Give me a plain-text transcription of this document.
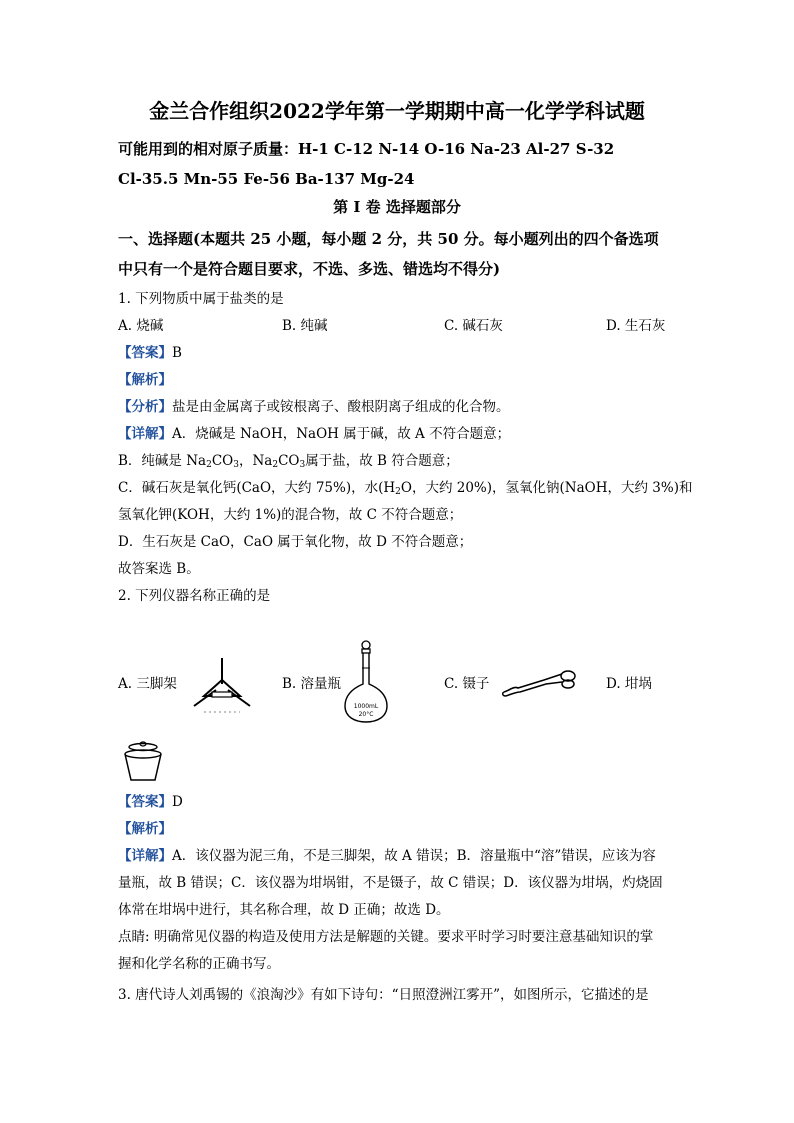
金兰合作组织2022学年第一学期期中高一化学学科试题
可能用到的相对原子质量：H-1 C-12 N-14 O-16 Na-23 Al-27 S-32
Cl-35.5 Mn-55 Fe-56 Ba-137 Mg-24
第 I 卷 选择题部分
一、选择题(本题共 25 小题，每小题 2 分，共 50 分。每小题列出的四个备选项
中只有一个是符合题目要求，不选、多选、错选均不得分)
1. 下列物质中属于盐类的是
A. 烧碱	B. 纯碱	C. 碱石灰	D. 生石灰
【答案】B
【解析】
【分析】盐是由金属离子或铵根离子、酸根阴离子组成的化合物。
【详解】A．烧碱是 NaOH，NaOH 属于碱，故 A 不符合题意；
B．纯碱是 $Na_2CO_3$，$Na_2CO_3$属于盐，故 B 符合题意；
C．碱石灰是氧化钙(CaO，大约 75%)，水($H_2O$，大约 20%)，氢氧化钠(NaOH，大约 3%)和
氢氧化钾(KOH，大约 1%)的混合物，故 C 不符合题意；
D．生石灰是 CaO，CaO 属于氧化物，故 D 不符合题意；
故答案选 B。
2. 下列仪器名称正确的是
A. 三脚架	B. 溶量瓶	C. 镊子	D. 坩埚
1000mL
20°C
【答案】D
【解析】
【详解】A．该仪器为泥三角，不是三脚架，故 A 错误；B．溶量瓶中“溶”错误，应该为容
量瓶，故 B 错误；C．该仪器为坩埚钳，不是镊子，故 C 错误；D．该仪器为坩埚，灼烧固
体常在坩埚中进行，其名称合理，故 D 正确；故选 D。
点睛: 明确常见仪器的构造及使用方法是解题的关键。要求平时学习时要注意基础知识的掌
握和化学名称的正确书写。
3. 唐代诗人刘禹锡的《浪淘沙》有如下诗句：“日照澄洲江雾开”，如图所示，它描述的是
